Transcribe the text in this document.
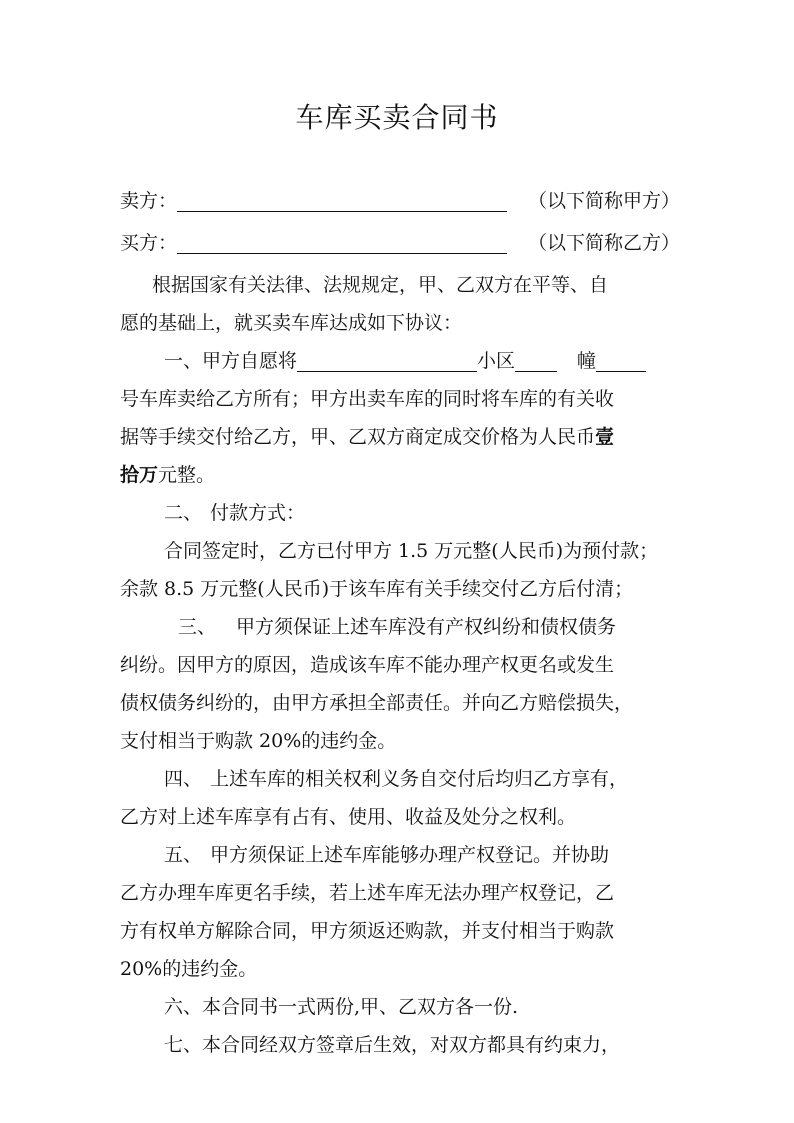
车库买卖合同书
卖方：	（以下简称甲方）
买方：	（以下简称乙方）
根据国家有关法律、法规规定，甲、乙双方在平等、自
愿的基础上，就买卖车库达成如下协议：
一、甲方自愿将	小区	幢
号车库卖给乙方所有；甲方出卖车库的同时将车库的有关收
据等手续交付给乙方，甲、乙双方商定成交价格为人民币壹
拾万元整。
二、 付款方式：
合同签定时，乙方已付甲方 1.5 万元整(人民币)为预付款；
余款 8.5 万元整(人民币)于该车库有关手续交付乙方后付清；
三、 甲方须保证上述车库没有产权纠纷和债权债务
纠纷。因甲方的原因，造成该车库不能办理产权更名或发生
债权债务纠纷的，由甲方承担全部责任。并向乙方赔偿损失，
支付相当于购款 20%的违约金。
四、 上述车库的相关权利义务自交付后均归乙方享有，
乙方对上述车库享有占有、使用、收益及处分之权利。
五、 甲方须保证上述车库能够办理产权登记。并协助
乙方办理车库更名手续，若上述车库无法办理产权登记，乙
方有权单方解除合同，甲方须返还购款，并支付相当于购款
20%的违约金。
六、本合同书一式两份,甲、乙双方各一份.
七、本合同经双方签章后生效，对双方都具有约束力，
